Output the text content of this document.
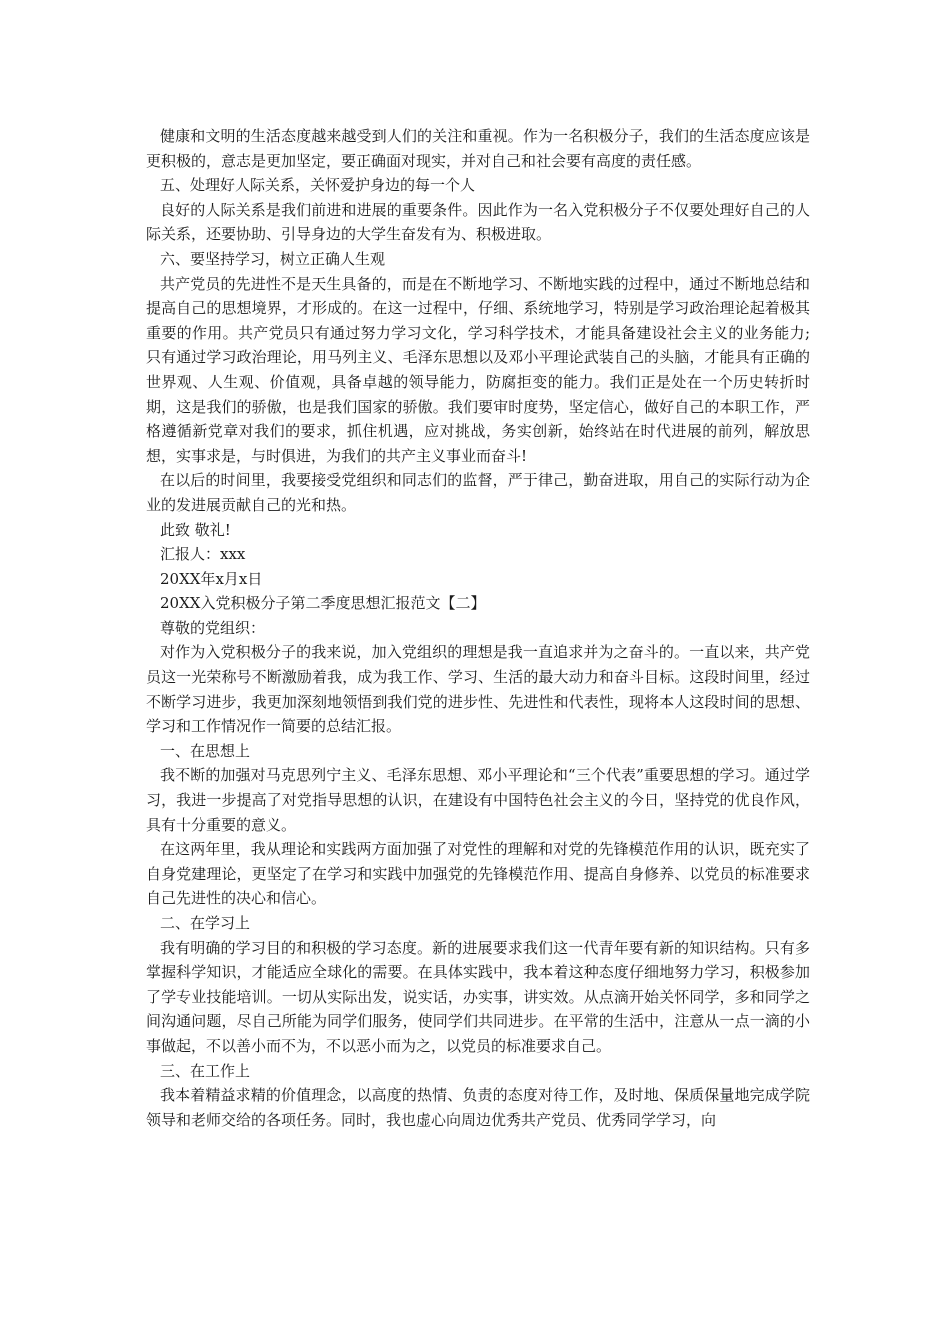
健康和文明的生活态度越来越受到人们的关注和重视。作为一名积极分子，我们的生活态度应该是更积极的，意志是更加坚定，要正确面对现实，并对自己和社会要有高度的责任感。

五、处理好人际关系，关怀爱护身边的每一个人

良好的人际关系是我们前进和进展的重要条件。因此作为一名入党积极分子不仅要处理好自己的人际关系，还要协助、引导身边的大学生奋发有为、积极进取。

六、要坚持学习，树立正确人生观

共产党员的先进性不是天生具备的，而是在不断地学习、不断地实践的过程中，通过不断地总结和提高自己的思想境界，才形成的。在这一过程中，仔细、系统地学习，特别是学习政治理论起着极其重要的作用。共产党员只有通过努力学习文化，学习科学技术，才能具备建设社会主义的业务能力;只有通过学习政治理论，用马列主义、毛泽东思想以及邓小平理论武装自己的头脑，才能具有正确的世界观、人生观、价值观，具备卓越的领导能力，防腐拒变的能力。我们正是处在一个历史转折时期，这是我们的骄傲，也是我们国家的骄傲。我们要审时度势，坚定信心，做好自己的本职工作，严格遵循新党章对我们的要求，抓住机遇，应对挑战，务实创新，始终站在时代进展的前列，解放思想，实事求是，与时俱进，为我们的共产主义事业而奋斗!

在以后的时间里，我要接受党组织和同志们的监督，严于律己，勤奋进取，用自己的实际行动为企业的发进展贡献自己的光和热。

此致 敬礼!

汇报人：xxx

20XX年x月x日

20XX入党积极分子第二季度思想汇报范文【二】

尊敬的党组织：

对作为入党积极分子的我来说，加入党组织的理想是我一直追求并为之奋斗的。一直以来，共产党员这一光荣称号不断激励着我，成为我工作、学习、生活的最大动力和奋斗目标。这段时间里，经过不断学习进步，我更加深刻地领悟到我们党的进步性、先进性和代表性，现将本人这段时间的思想、学习和工作情况作一简要的总结汇报。

一、在思想上

我不断的加强对马克思列宁主义、毛泽东思想、邓小平理论和“三个代表”重要思想的学习。通过学习，我进一步提高了对党指导思想的认识，在建设有中国特色社会主义的今日，坚持党的优良作风，具有十分重要的意义。

在这两年里，我从理论和实践两方面加强了对党性的理解和对党的先锋模范作用的认识，既充实了自身党建理论，更坚定了在学习和实践中加强党的先锋模范作用、提高自身修养、以党员的标准要求自己先进性的决心和信心。

二、在学习上

我有明确的学习目的和积极的学习态度。新的进展要求我们这一代青年要有新的知识结构。只有多掌握科学知识，才能适应全球化的需要。在具体实践中，我本着这种态度仔细地努力学习，积极参加了学专业技能培训。一切从实际出发，说实话，办实事，讲实效。从点滴开始关怀同学，多和同学之间沟通问题，尽自己所能为同学们服务，使同学们共同进步。在平常的生活中，注意从一点一滴的小事做起，不以善小而不为，不以恶小而为之，以党员的标准要求自己。

三、在工作上

我本着精益求精的价值理念，以高度的热情、负责的态度对待工作，及时地、保质保量地完成学院领导和老师交给的各项任务。同时，我也虚心向周边优秀共产党员、优秀同学学习，向
